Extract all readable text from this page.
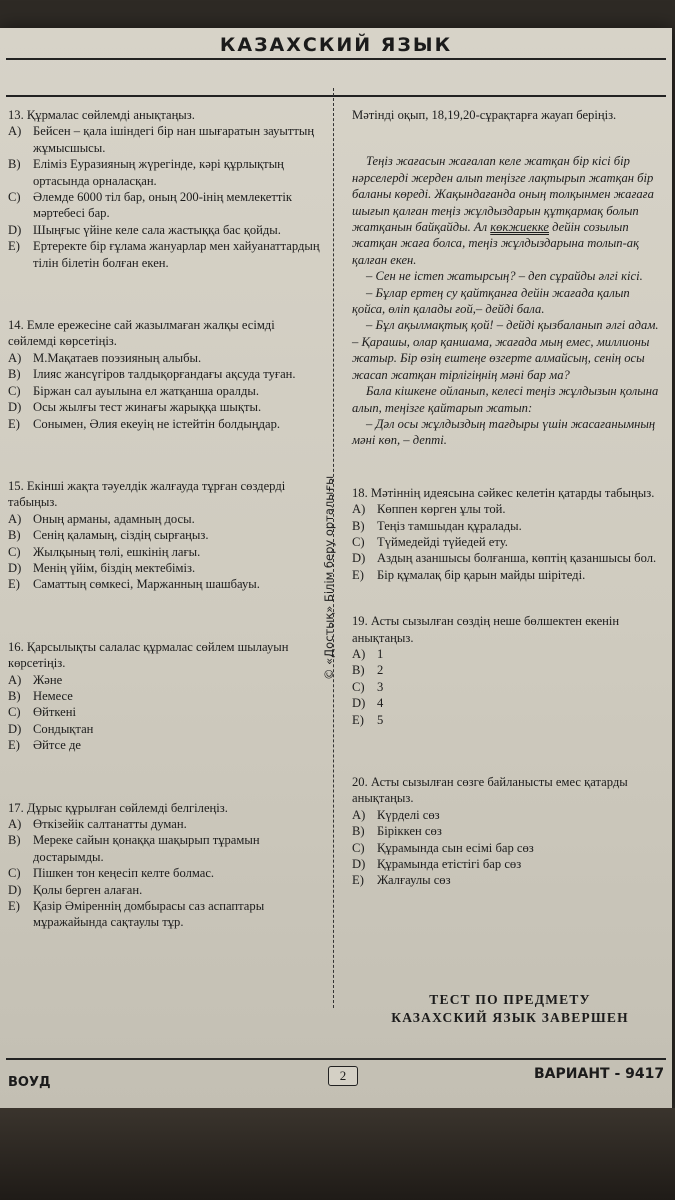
КАЗАХСКИЙ ЯЗЫК
13. Құрмалас сөйлемді анықтаңыз.
A) Бейсен – қала ішіндегі бір нан шығаратын зауыттың жұмысшысы.
B) Еліміз Еуразияның жүрегінде, кәрі құрлықтың ортасында орналасқан.
C) Әлемде 6000 тіл бар, оның 200-інің мемлекеттік мәртебесі бар.
D) Шыңғыс үйіне келе сала жастыққа бас қойды.
E) Ертеректе бір ғұлама жануарлар мен хайуанаттардың тілін білетін болған екен.
14. Емле ережесіне сай жазылмаған жалқы есімді сөйлемді көрсетіңіз.
A) М.Мақатаев поэзияның алыбы.
B) Ілияс жансүгіров талдықорғандағы ақсуда туған.
C) Біржан сал ауылына ел жатқанша оралды.
D) Осы жылғы тест жинағы жарыққа шықты.
E) Сонымен, Әлия екеуің не істейтін болдыңдар.
15. Екінші жақта тәуелдік жалғауда тұрған сөздерді табыңыз.
A) Оның арманы, адамның досы.
B) Сенің қаламың, сіздің сырғаңыз.
C) Жылқының төлі, ешкінің лағы.
D) Менің үйім, біздің мектебіміз.
E) Саматтың сөмкесі, Маржанның шашбауы.
16. Қарсылықты салалас құрмалас сөйлем шылауын көрсетіңіз.
A) Және
B) Немесе
C) Өйткені
D) Сондықтан
E) Әйтсе де
17. Дұрыс құрылған сөйлемді белгілеңіз.
A) Өткізейік салтанатты думан.
B) Мереке сайын қонаққа шақырып тұрамын достарымды.
C) Пішкен тон кеңесіп келте болмас.
D) Қолы берген алаған.
E) Қазір Әміреннің домбырасы саз аспаптары мұражайында сақтаулы тұр.
© «Достық» Білім беру орталығы
Мәтінді оқып, 18,19,20-сұрақтарға жауап беріңіз.

Теңіз жағасын жағалап келе жатқан бір кісі бір нәрселерді жерден алып теңізге лақтырып жатқан бір баланы көреді. Жақындағанда оның толқынмен жағаға шығып қалған теңіз жұлдыздарын құтқармақ болып жатқанын байқайды. Ал көкжиекке дейін созылып жатқан жаға болса, теңіз жұлдыздарына толып-ақ қалған екен.

– Сен не істеп жатырсың? – деп сұрайды әлгі кісі.

– Бұлар ертең су қайтқанға дейін жағада қалып қойса, өліп қалады ғой,– дейді бала.

– Бұл ақылмақтық қой! – дейді қызбаланып әлгі адам. – Қарашы, олар қаншама, жағада мың емес, миллионы жатыр. Бір өзің ештеңе өзгерте алмайсың, сенің осы жасап жатқан тірлігіңнің мәні бар ма?

Бала кішкене ойланып, келесі теңіз жұлдызын қолына алып, теңізге қайтарып жатып:

– Дәл осы жұлдыздың тағдыры үшін жасағанымның мәні көп, – депті.

18. Мәтіннің идеясына сәйкес келетін қатарды табыңыз.
A) Көппен көрген ұлы той.
B) Теңіз тамшыдан құралады.
C) Түймедейді түйедей ету.
D) Аздың азаншысы болғанша, көптің қазаншысы бол.
E) Бір құмалақ бір қарын майды шірітеді.
19. Асты сызылған сөздің неше бөлшектен екенін анықтаңыз.
A) 1
B) 2
C) 3
D) 4
E) 5
20. Асты сызылған сөзге байланысты емес қатарды анықтаңыз.
A) Күрделі сөз
B) Біріккен сөз
C) Құрамында сын есімі бар сөз
D) Құрамында етістігі бар сөз
E) Жалғаулы сөз
ТЕСТ ПО ПРЕДМЕТУ
КАЗАХСКИЙ ЯЗЫК ЗАВЕРШЕН
ВОУД	2	ВАРИАНТ - 9417
